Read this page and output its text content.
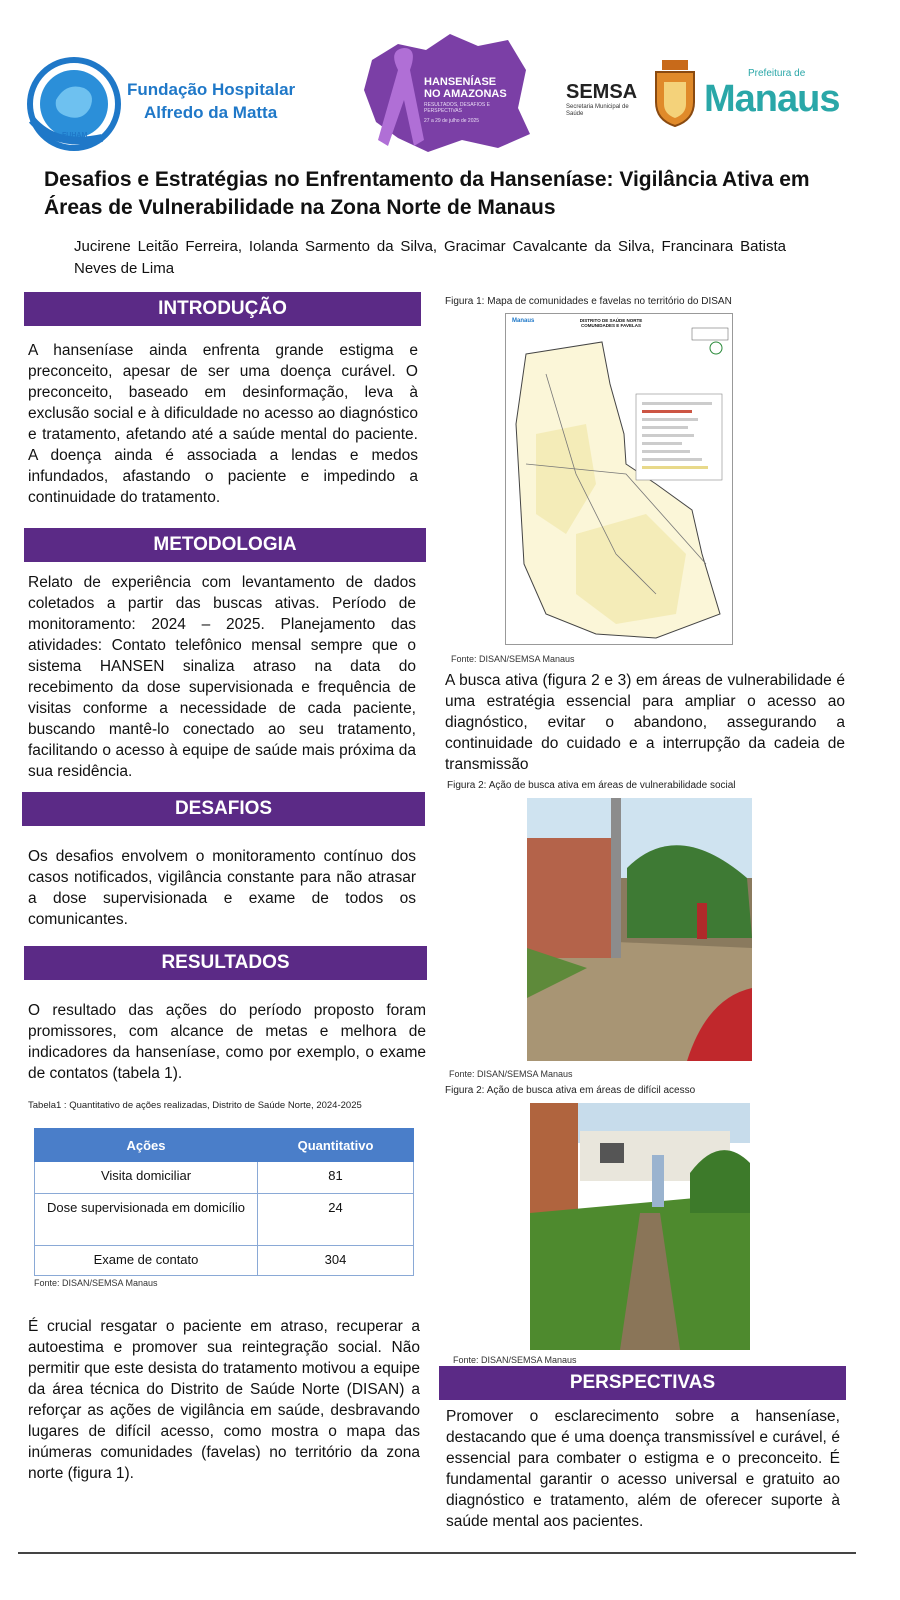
FUHAM
Fundação Hospitalar
Alfredo da Matta
HANSENÍASE
NO AMAZONAS
RESULTADOS, DESAFIOS E PERSPECTIVAS
27 a 29 de julho de 2025
SEMSA
Secretaria Municipal de Saúde
Prefeitura de
Manaus
Desafios e Estratégias no Enfrentamento da Hanseníase: Vigilância Ativa em Áreas de Vulnerabilidade na Zona Norte de Manaus
Jucirene Leitão Ferreira, Iolanda Sarmento da Silva, Gracimar Cavalcante da Silva, Francinara Batista Neves de Lima
INTRODUÇÃO
A hanseníase ainda enfrenta grande estigma e preconceito, apesar de ser uma doença curável. O preconceito, baseado em desinformação, leva à exclusão social e à dificuldade no acesso ao diagnóstico e tratamento, afetando até a saúde mental do paciente. A doença ainda é associada a lendas e medos infundados, afastando o paciente e impedindo a continuidade do tratamento.
METODOLOGIA
Relato de experiência com levantamento de dados coletados a partir das buscas ativas. Período de monitoramento: 2024 – 2025. Planejamento das atividades: Contato telefônico mensal sempre que o sistema HANSEN sinaliza atraso na data do recebimento da dose supervisionada e frequência de visitas conforme a necessidade de cada paciente, buscando mantê-lo conectado ao seu tratamento, facilitando o acesso à equipe de saúde mais próxima da sua residência.
DESAFIOS
Os desafios envolvem o monitoramento contínuo dos casos notificados, vigilância constante para não atrasar a dose supervisionada e exame de todos os comunicantes.
RESULTADOS
O resultado das ações do período proposto foram promissores, com alcance de metas e melhora de indicadores da hanseníase, como por exemplo, o exame de contatos (tabela 1).
Tabela1 : Quantitativo de ações realizadas, Distrito de Saúde Norte, 2024-2025
Ações	Quantitativo
Visita domiciliar	81
Dose supervisionada em domicílio	24
Exame de contato	304
Fonte: DISAN/SEMSA Manaus
É crucial resgatar o paciente em atraso, recuperar a autoestima e promover sua reintegração social. Não permitir que este desista do tratamento motivou a equipe da área técnica do Distrito de Saúde Norte (DISAN) a reforçar as ações de vigilância em saúde, desbravando lugares de difícil acesso, como mostra o mapa das inúmeras comunidades (favelas) no território da zona norte (figura 1).
Figura 1: Mapa de comunidades e favelas no território do DISAN
Manaus	DISTRITO DE SAÚDE NORTE COMUNIDADES E FAVELAS
Fonte: DISAN/SEMSA Manaus
A busca ativa (figura 2 e 3) em áreas de vulnerabilidade é uma estratégia essencial para ampliar o acesso ao diagnóstico, evitar o abandono, assegurando a continuidade do cuidado e a interrupção da cadeia de transmissão
Figura 2: Ação de busca ativa em áreas de vulnerabilidade social
Fonte: DISAN/SEMSA Manaus
Figura 2: Ação de busca ativa em áreas de difícil acesso
Fonte: DISAN/SEMSA Manaus
PERSPECTIVAS
Promover o esclarecimento sobre a hanseníase, destacando que é uma doença transmissível e curável, é essencial para combater o estigma e o preconceito. É fundamental garantir o acesso universal e gratuito ao diagnóstico e tratamento, além de oferecer suporte à saúde mental aos pacientes.
